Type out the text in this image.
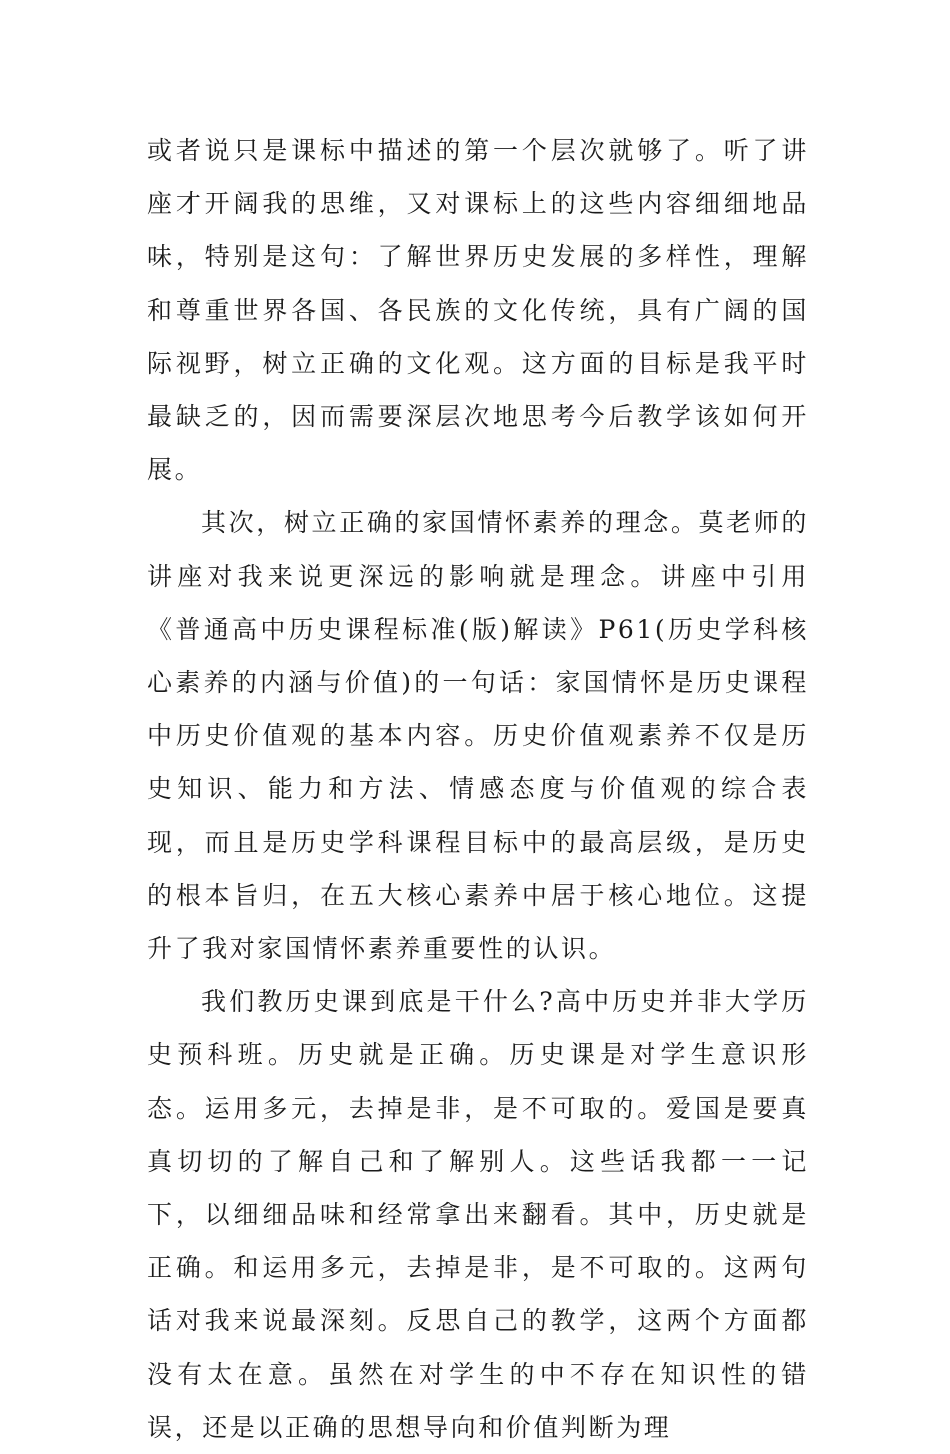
或者说只是课标中描述的第一个层次就够了。听了讲座才开阔我的思维，又对课标上的这些内容细细地品味，特别是这句：了解世界历史发展的多样性，理解和尊重世界各国、各民族的文化传统，具有广阔的国际视野，树立正确的文化观。这方面的目标是我平时最缺乏的，因而需要深层次地思考今后教学该如何开展。

其次，树立正确的家国情怀素养的理念。莫老师的讲座对我来说更深远的影响就是理念。讲座中引用《普通高中历史课程标准(版)解读》P61(历史学科核心素养的内涵与价值)的一句话：家国情怀是历史课程中历史价值观的基本内容。历史价值观素养不仅是历史知识、能力和方法、情感态度与价值观的综合表现，而且是历史学科课程目标中的最高层级，是历史的根本旨归，在五大核心素养中居于核心地位。这提升了我对家国情怀素养重要性的认识。

我们教历史课到底是干什么?高中历史并非大学历史预科班。历史就是正确。历史课是对学生意识形态。运用多元，去掉是非，是不可取的。爱国是要真真切切的了解自己和了解别人。这些话我都一一记下，以细细品味和经常拿出来翻看。其中，历史就是正确。和运用多元，去掉是非，是不可取的。这两句话对我来说最深刻。反思自己的教学，这两个方面都没有太在意。虽然在对学生的中不存在知识性的错误，还是以正确的思想导向和价值判断为理
